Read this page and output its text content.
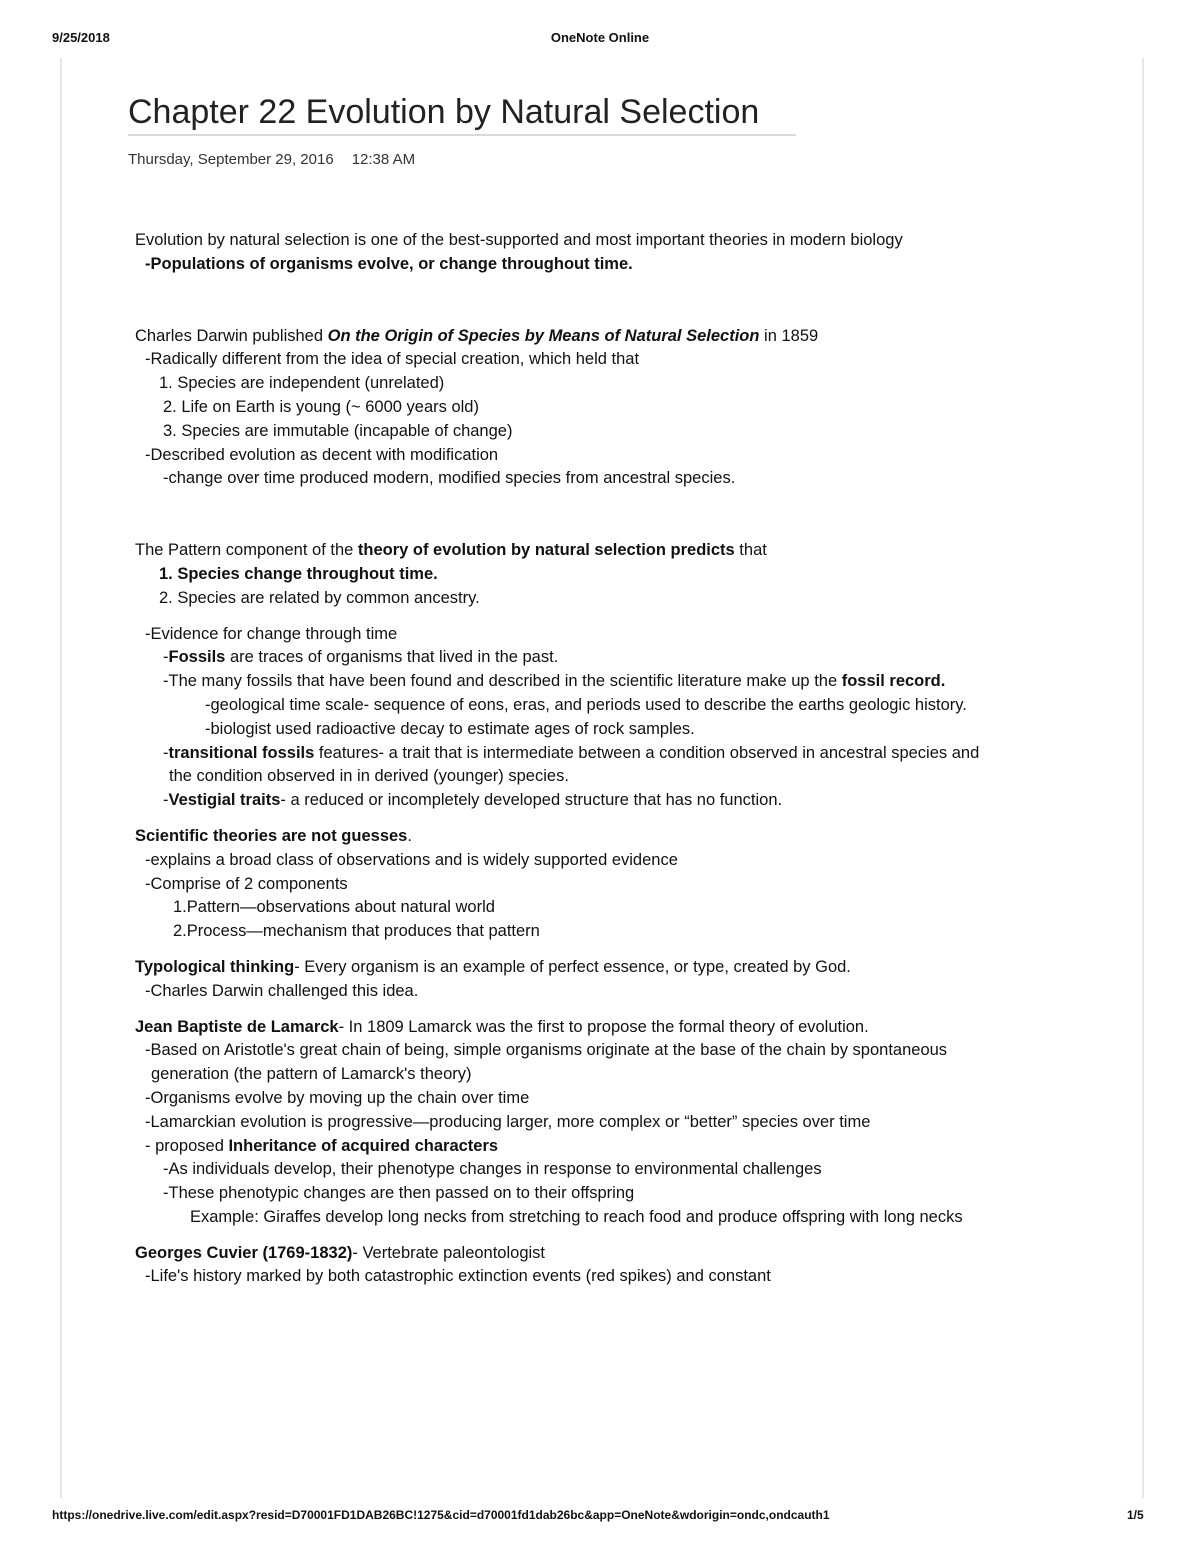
9/25/2018	OneNote Online
Chapter 22 Evolution by Natural Selection
Thursday, September 29, 2016 12:38 AM

Evolution by natural selection is one of the best-supported and most important theories in modern biology

-Populations of organisms evolve, or change throughout time.

Charles Darwin published On the Origin of Species by Means of Natural Selection in 1859

-Radically different from the idea of special creation, which held that

1. Species are independent (unrelated)

2. Life on Earth is young (~ 6000 years old)

3. Species are immutable (incapable of change)

-Described evolution as decent with modification

-change over time produced modern, modified species from ancestral species.

The Pattern component of the theory of evolution by natural selection predicts that

1. Species change throughout time.

2. Species are related by common ancestry.

-Evidence for change through time

-Fossils are traces of organisms that lived in the past.

-The many fossils that have been found and described in the scientific literature make up the fossil record.

-geological time scale- sequence of eons, eras, and periods used to describe the earths geologic history.

-biologist used radioactive decay to estimate ages of rock samples.

-transitional fossils features- a trait that is intermediate between a condition observed in ancestral species and the condition observed in in derived (younger) species.

-Vestigial traits- a reduced or incompletely developed structure that has no function.

Scientific theories are not guesses.

-explains a broad class of observations and is widely supported evidence

-Comprise of 2 components

1.Pattern—observations about natural world

2.Process—mechanism that produces that pattern

Typological thinking- Every organism is an example of perfect essence, or type, created by God.

-Charles Darwin challenged this idea.

Jean Baptiste de Lamarck- In 1809 Lamarck was the first to propose the formal theory of evolution.

-Based on Aristotle's great chain of being, simple organisms originate at the base of the chain by spontaneous generation (the pattern of Lamarck's theory)

-Organisms evolve by moving up the chain over time

-Lamarckian evolution is progressive—producing larger, more complex or “better” species over time

- proposed Inheritance of acquired characters

-As individuals develop, their phenotype changes in response to environmental challenges

-These phenotypic changes are then passed on to their offspring

Example: Giraffes develop long necks from stretching to reach food and produce offspring with long necks

Georges Cuvier (1769-1832)- Vertebrate paleontologist

-Life's history marked by both catastrophic extinction events (red spikes) and constant

https://onedrive.live.com/edit.aspx?resid=D70001FD1DAB26BC!1275&cid=d70001fd1dab26bc&app=OneNote&wdorigin=ondc,ondcauth1	1/5
